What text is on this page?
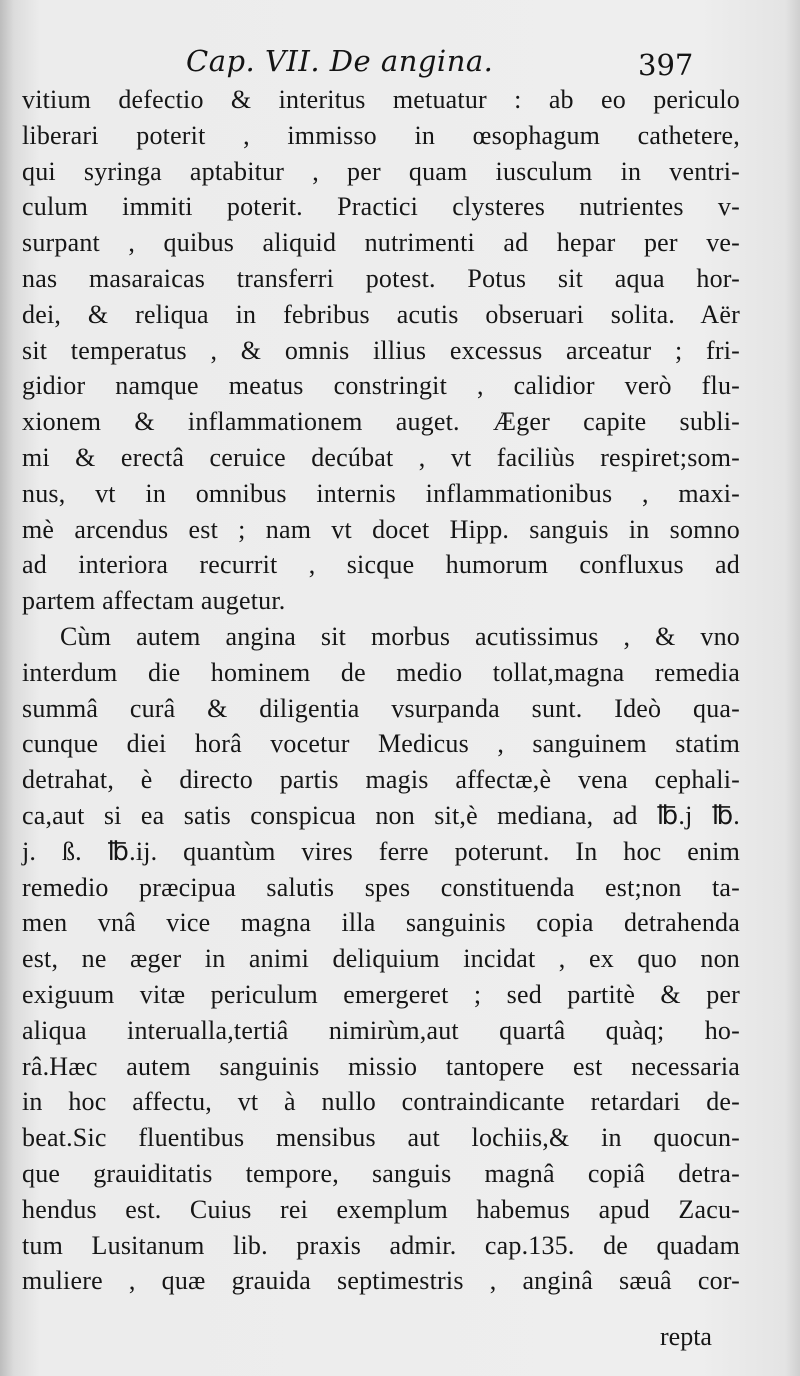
Cap. VII. De angina.	397
vitium defectio & interitus metuatur : ab eo periculo
liberari poterit , immisso in œsophagum cathetere,
qui syringa aptabitur , per quam iusculum in ventri-
culum immiti poterit. Practici clysteres nutrientes v-
surpant , quibus aliquid nutrimenti ad hepar per ve-
nas masaraicas transferri potest. Potus sit aqua hor-
dei, & reliqua in febribus acutis obseruari solita. Aër
sit temperatus , & omnis illius excessus arceatur ; fri-
gidior namque meatus constringit , calidior verò flu-
xionem & inflammationem auget. Æger capite subli-
mi & erectâ ceruice decúbat , vt faciliùs respiret;som-
nus, vt in omnibus internis inflammationibus , maxi-
mè arcendus est ; nam vt docet Hipp. sanguis in somno
ad interiora recurrit , sicque humorum confluxus ad
partem affectam augetur.
Cùm autem angina sit morbus acutissimus , & vno
interdum die hominem de medio tollat,magna remedia
summâ curâ & diligentia vsurpanda sunt. Ideò qua-
cunque diei horâ vocetur Medicus , sanguinem statim
detrahat, è directo partis magis affectæ,è vena cephali-
ca,aut si ea satis conspicua non sit,è mediana, ad ℔.j ℔.
j. ß. ℔.ij. quantùm vires ferre poterunt. In hoc enim
remedio præcipua salutis spes constituenda est;non ta-
men vnâ vice magna illa sanguinis copia detrahenda
est, ne æger in animi deliquium incidat , ex quo non
exiguum vitæ periculum emergeret ; sed partitè & per
aliqua interualla,tertiâ nimirùm,aut quartâ quàq; ho-
râ.Hæc autem sanguinis missio tantopere est necessaria
in hoc affectu, vt à nullo contraindicante retardari de-
beat.Sic fluentibus mensibus aut lochiis,& in quocun-
que grauiditatis tempore, sanguis magnâ copiâ detra-
hendus est. Cuius rei exemplum habemus apud Zacu-
tum Lusitanum lib. praxis admir. cap.135. de quadam
muliere , quæ grauida septimestris , anginâ sæuâ cor-
repta
